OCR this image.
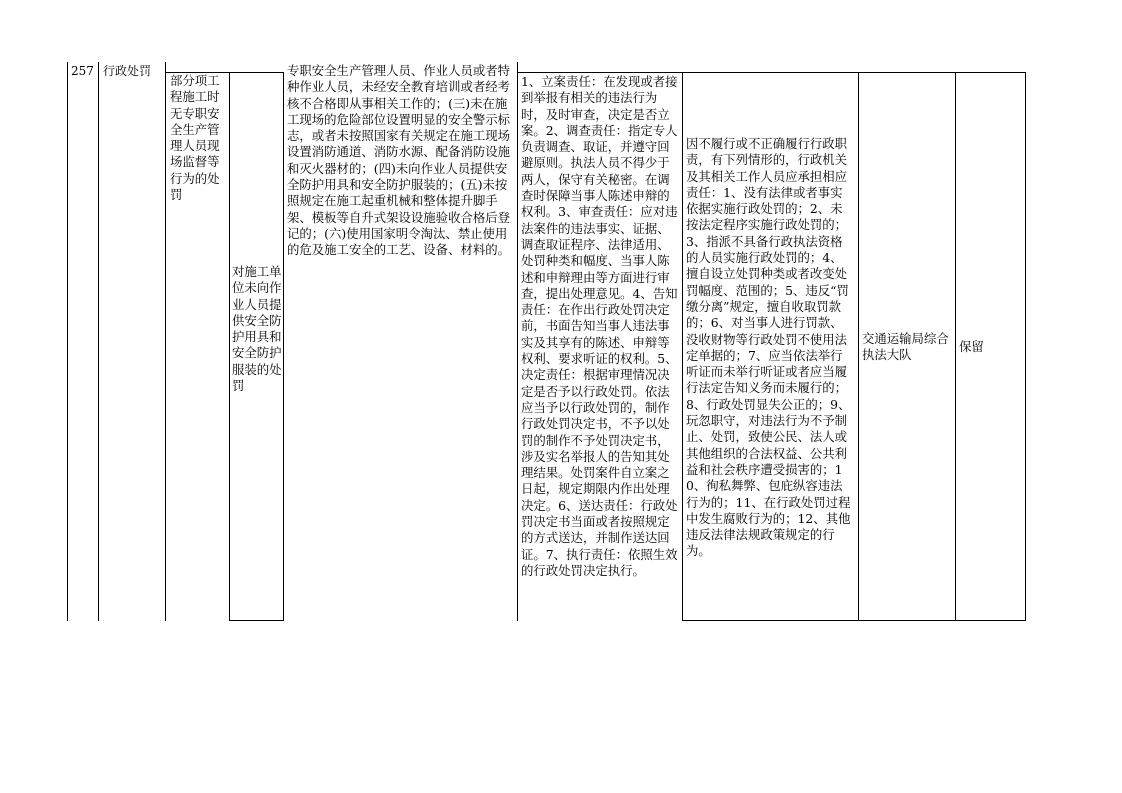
257 行政处罚
部分项工程施工时无专职安全生产管理人员现场监督等行为的处罚
对施工单位未向作业人员提供安全防护用具和安全防护服装的处罚
专职安全生产管理人员、作业人员或者特种作业人员，未经安全教育培训或者经考核不合格即从事相关工作的；(三)未在施工现场的危险部位设置明显的安全警示标志，或者未按照国家有关规定在施工现场设置消防通道、消防水源、配备消防设施和灭火器材的；(四)未向作业人员提供安全防护用具和安全防护服装的；(五)未按照规定在施工起重机械和整体提升脚手架、模板等自升式架设设施验收合格后登记的；(六)使用国家明令淘汰、禁止使用的危及施工安全的工艺、设备、材料的。
1、立案责任：在发现或者接到举报有相关的违法行为时，及时审查，决定是否立案。2、调查责任：指定专人负责调查、取证，并遵守回避原则。执法人员不得少于两人，保守有关秘密。在调查时保障当事人陈述申辩的权利。3、审查责任：应对违法案件的违法事实、证据、调查取证程序、法律适用、处罚种类和幅度、当事人陈述和申辩理由等方面进行审查，提出处理意见。4、告知责任：在作出行政处罚决定前，书面告知当事人违法事实及其享有的陈述、申辩等权利、要求听证的权利。5、决定责任：根据审理情况决定是否予以行政处罚。依法应当予以行政处罚的，制作行政处罚决定书，不予以处罚的制作不予处罚决定书，涉及实名举报人的告知其处理结果。处罚案件自立案之日起，规定期限内作出处理决定。6、送达责任：行政处罚决定书当面或者按照规定的方式送达，并制作送达回证。7、执行责任：依照生效的行政处罚决定执行。
因不履行或不正确履行行政职责，有下列情形的，行政机关及其相关工作人员应承担相应责任：1、没有法律或者事实依据实施行政处罚的；2、未按法定程序实施行政处罚的；3、指派不具备行政执法资格的人员实施行政处罚的；4、擅自设立处罚种类或者改变处罚幅度、范围的；5、违反“罚缴分离”规定，擅自收取罚款的；6、对当事人进行罚款、没收财物等行政处罚不使用法定单据的；7、应当依法举行听证而未举行听证或者应当履行法定告知义务而未履行的；8、行政处罚显失公正的；9、玩忽职守，对违法行为不予制止、处罚，致使公民、法人或其他组织的合法权益、公共利益和社会秩序遭受损害的；10、徇私舞弊、包庇纵容违法行为的；11、在行政处罚过程中发生腐败行为的；12、其他违反法律法规政策规定的行为。
交通运输局综合执法大队
保留
